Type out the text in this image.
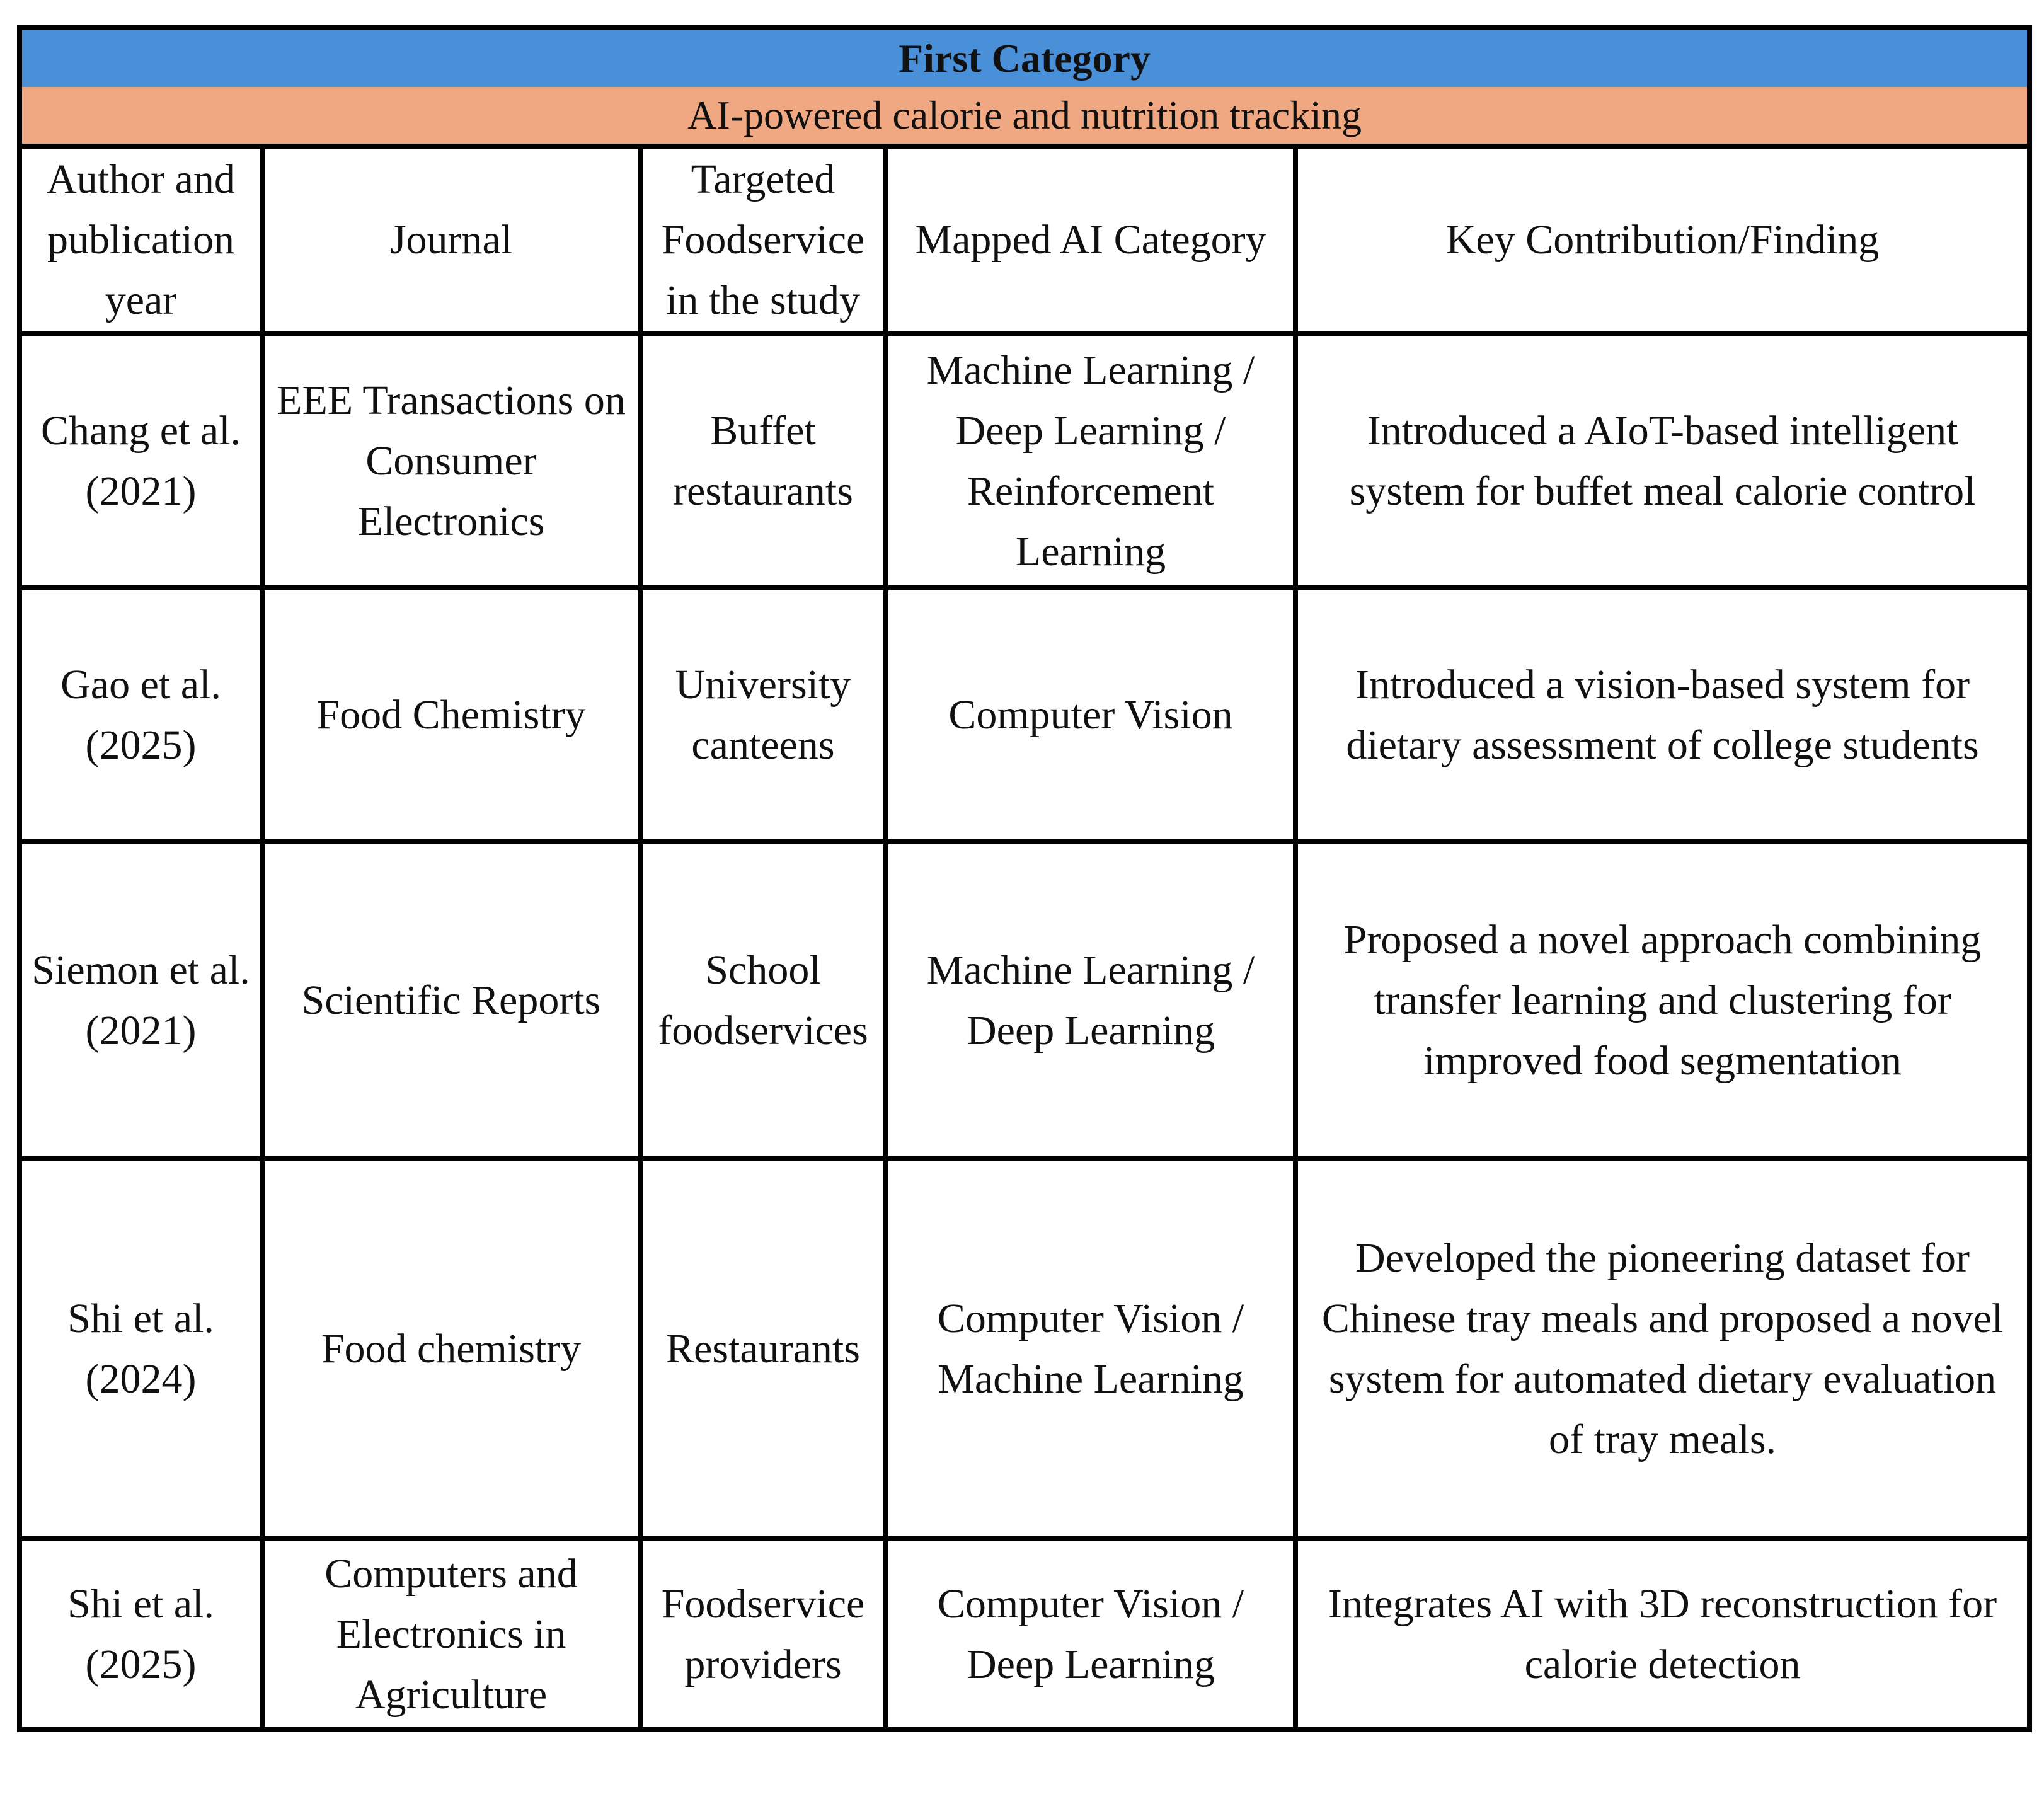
First Category				
AI-powered calorie and nutrition tracking				
Author and publication year	Journal	Targeted Foodservice in the study	Mapped AI Category	Key Contribution/Finding
Chang et al. (2021)	EEE Transactions on Consumer Electronics	Buffet restaurants	Machine Learning / Deep Learning / Reinforcement Learning	Introduced a AIoT-based intelligent system for buffet meal calorie control
Gao et al. (2025)	Food Chemistry	University canteens	Computer Vision	Introduced a vision-based system for dietary assessment of college students
Siemon et al. (2021)	Scientific Reports	School foodservices	Machine Learning / Deep Learning	Proposed a novel approach combining transfer learning and clustering for improved food segmentation
Shi et al. (2024)	Food chemistry	Restaurants	Computer Vision / Machine Learning	Developed the pioneering dataset for Chinese tray meals and proposed a novel system for automated dietary evaluation of tray meals.
Shi et al. (2025)	Computers and Electronics in Agriculture	Foodservice providers	Computer Vision / Deep Learning	Integrates AI with 3D reconstruction for calorie detection
